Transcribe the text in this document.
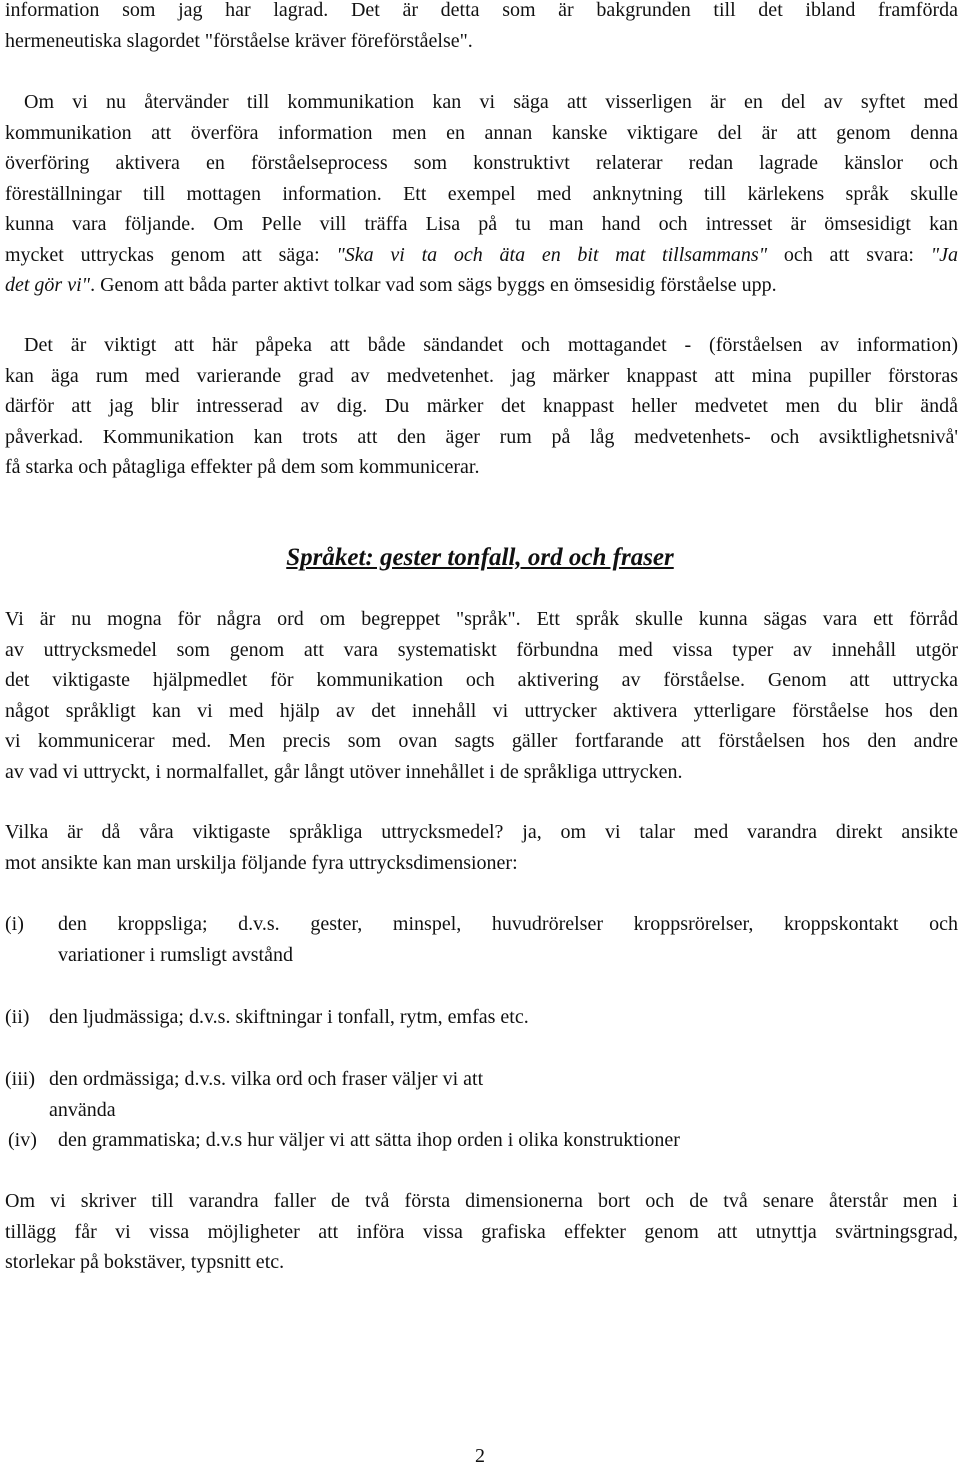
information som jag har lagrad. Det är detta som är bakgrunden till det ibland framförda
hermeneutiska slagordet "förståelse kräver föreförståelse".

Om vi nu återvänder till kommunikation kan vi säga att visserligen är en del av syftet med
kommunikation att överföra information men en annan kanske viktigare del är att genom denna
överföring aktivera en förståelseprocess som konstruktivt relaterar redan lagrade känslor och
föreställningar till mottagen information. Ett exempel med anknytning till kärlekens språk skulle
kunna vara följande. Om Pelle vill träffa Lisa på tu man hand och intresset är ömsesidigt kan
mycket uttryckas genom att säga: "Ska vi ta och äta en bit mat tillsammans" och att svara: "Ja
det gör vi". Genom att båda parter aktivt tolkar vad som sägs byggs en ömsesidig förståelse upp.

Det är viktigt att här påpeka att både sändandet och mottagandet - (förståelsen av information)
kan äga rum med varierande grad av medvetenhet. jag märker knappast att mina pupiller förstoras
därför att jag blir intresserad av dig. Du märker det knappast heller medvetet men du blir ändå
påverkad. Kommunikation kan trots att den äger rum på låg medvetenhets- och avsiktlighetsnivå'
få starka och påtagliga effekter på dem som kommunicerar.

Språket: gester tonfall, ord och fraser

Vi är nu mogna för några ord om begreppet "språk". Ett språk skulle kunna sägas vara ett förråd
av uttrycksmedel som genom att vara systematiskt förbundna med vissa typer av innehåll utgör
det viktigaste hjälpmedlet för kommunikation och aktivering av förståelse. Genom att uttrycka
något språkligt kan vi med hjälp av det innehåll vi uttrycker aktivera ytterligare förståelse hos den
vi kommunicerar med. Men precis som ovan sagts gäller fortfarande att förståelsen hos den andre
av vad vi uttryckt, i normalfallet, går långt utöver innehållet i de språkliga uttrycken.

Vilka är då våra viktigaste språkliga uttrycksmedel? ja, om vi talar med varandra direkt ansikte
mot ansikte kan man urskilja följande fyra uttrycksdimensioner:

(i) den kroppsliga; d.v.s. gester, minspel, huvudrörelser kroppsrörelser, kroppskontakt och
variationer i rumsligt avstånd
(ii) den ljudmässiga; d.v.s. skiftningar i tonfall, rytm, emfas etc.
(iii) den ordmässiga; d.v.s. vilka ord och fraser väljer vi att
använda
(iv) den grammatiska; d.v.s hur väljer vi att sätta ihop orden i olika konstruktioner

Om vi skriver till varandra faller de två första dimensionerna bort och de två senare återstår men i
tillägg får vi vissa möjligheter att införa vissa grafiska effekter genom att utnyttja svärtningsgrad,
storlekar på bokstäver, typsnitt etc.

2
